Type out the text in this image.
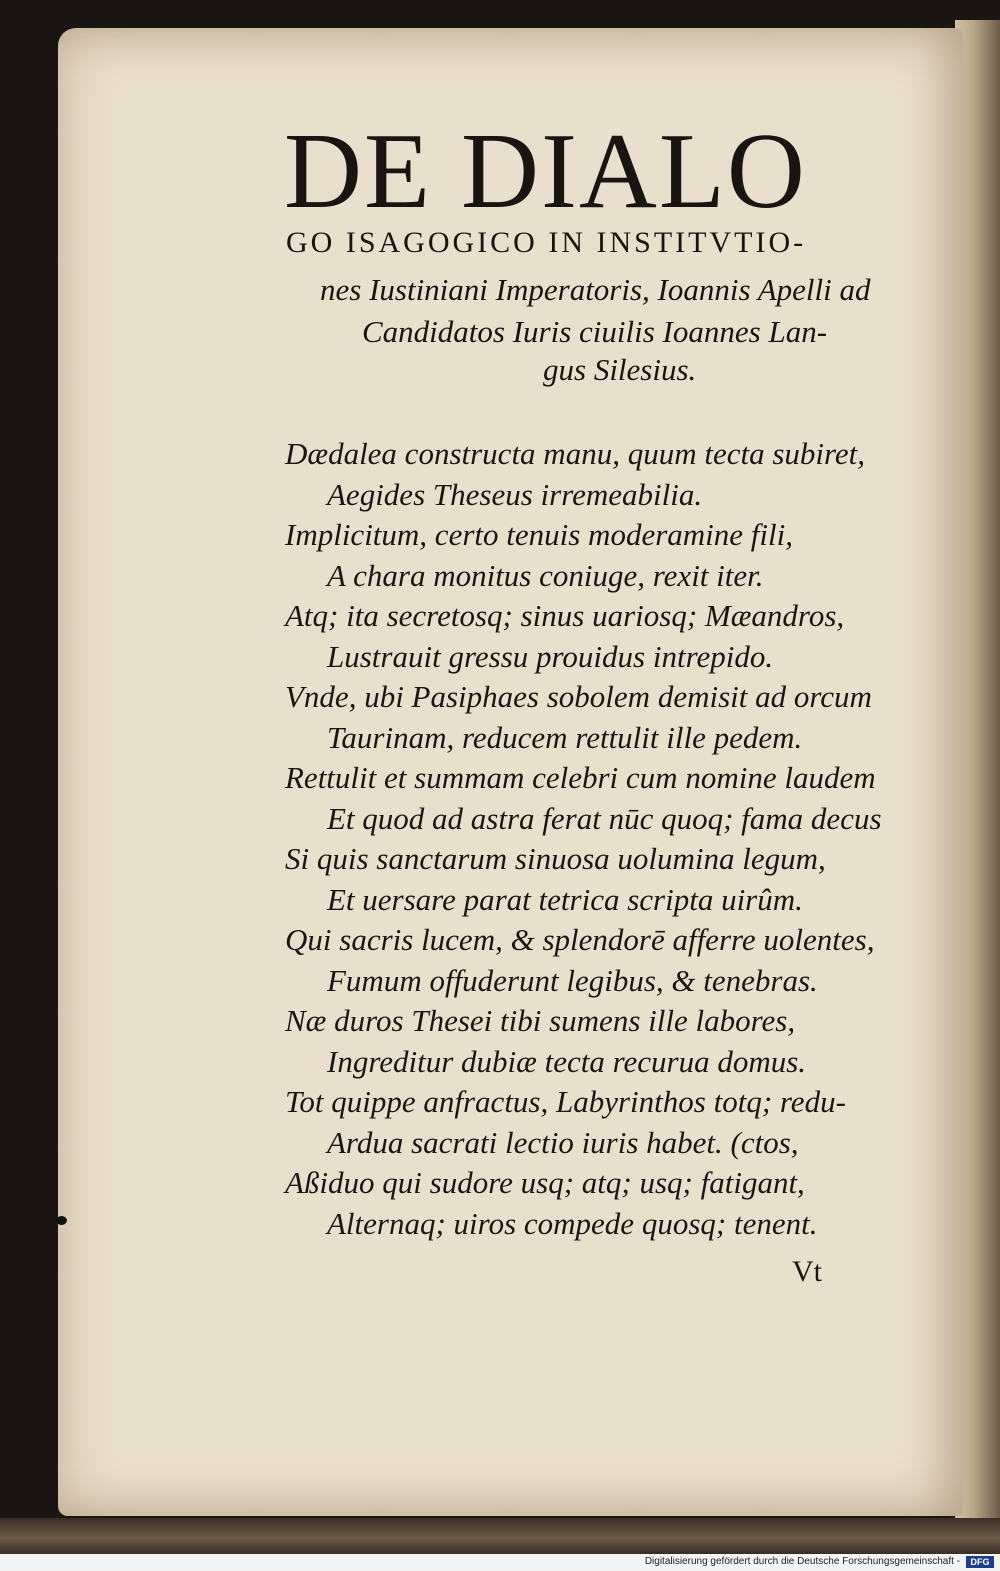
DE DIALO
GO ISAGOGICO IN INSTITVTIO-
nes Iustiniani Imperatoris, Ioannis Apelli ad
Candidatos Iuris ciuilis Ioannes Lan-
gus Silesius.
Dædalea constructa manu, quum tecta subiret,
Aegides Theseus irremeabilia.
Implicitum, certo tenuis moderamine fili,
A chara monitus coniuge, rexit iter.
Atq; ita secretosq; sinus uariosq; Mæandros,
Lustrauit gressu prouidus intrepido.
Vnde, ubi Pasiphaes sobolem demisit ad orcum
Taurinam, reducem rettulit ille pedem.
Rettulit et summam celebri cum nomine laudem
Et quod ad astra ferat nūc quoq; fama decus
Si quis sanctarum sinuosa uolumina legum,
Et uersare parat tetrica scripta uirûm.
Qui sacris lucem, & splendorē afferre uolentes,
Fumum offuderunt legibus, & tenebras.
Næ duros Thesei tibi sumens ille labores,
Ingreditur dubiæ tecta recurua domus.
Tot quippe anfractus, Labyrinthos totq; redu-
Ardua sacrati lectio iuris habet. (ctos,
Aßiduo qui sudore usq; atq; usq; fatigant,
Alternaq; uiros compede quosq; tenent.
Vt
Digitalisierung gefördert durch die Deutsche Forschungsgemeinschaft -	DFG
